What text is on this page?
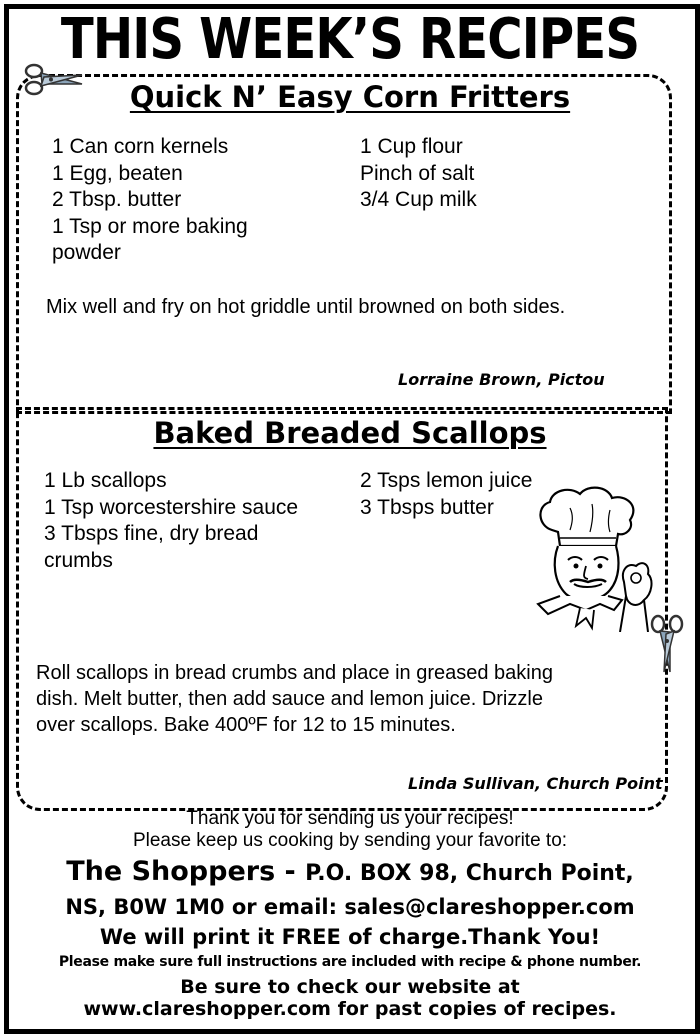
THIS WEEK’S RECIPES
Quick N’ Easy Corn Fritters
1 Can corn kernels
1 Egg, beaten
2 Tbsp. butter
1 Tsp or more baking
powder
1 Cup flour
Pinch of salt
3/4 Cup milk
Mix well and fry on hot griddle until browned on both sides.
Lorraine Brown, Pictou
Baked Breaded Scallops
1 Lb scallops
1 Tsp worcestershire sauce
3 Tbsps fine, dry bread
crumbs
2 Tsps lemon juice
3 Tbsps butter
Roll scallops in bread crumbs and place in greased baking
dish. Melt butter, then add sauce and lemon juice. Drizzle
over scallops. Bake 400ºF for 12 to 15 minutes.
Linda Sullivan, Church Point
Thank you for sending us your recipes!
Please keep us cooking by sending your favorite to:
The Shoppers - P.O. BOX 98, Church Point,
NS, B0W 1M0 or email: sales@clareshopper.com
We will print it FREE of charge.Thank You!
Please make sure full instructions are included with recipe & phone number.
Be sure to check our website at
www.clareshopper.com for past copies of recipes.
